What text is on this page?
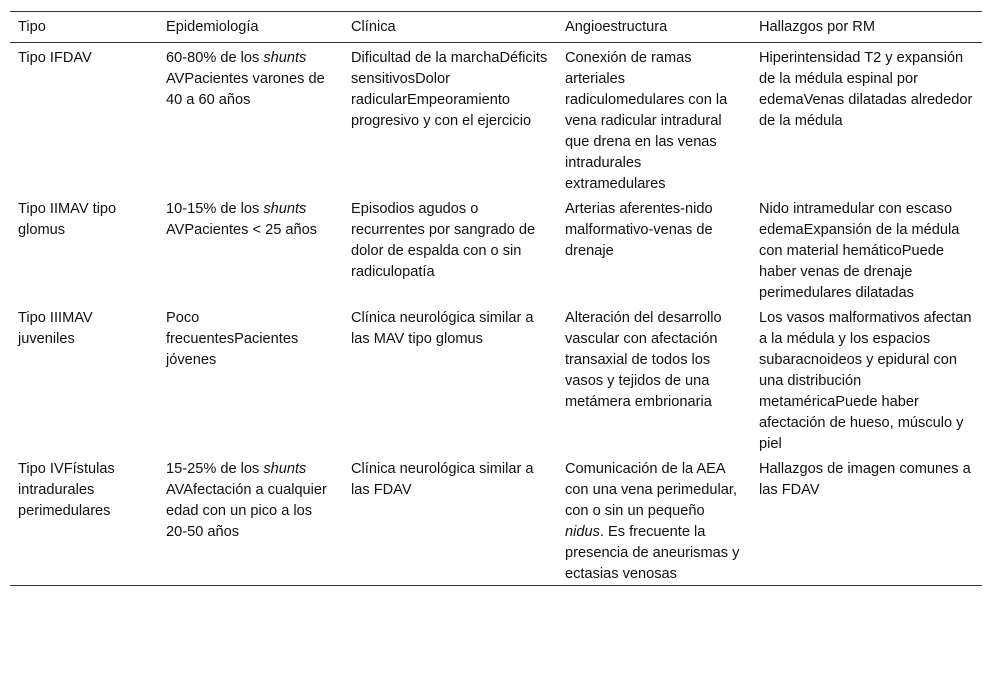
Tipo	Epidemiología	Clínica	Angioestructura	Hallazgos por RM
Tipo IFDAV	60-80% de los shunts AVPacientes varones de 40 a 60 años	Dificultad de la marchaDéficits sensitivosDolor radicularEmpeoramiento progresivo y con el ejercicio	Conexión de ramas arteriales radiculomedulares con la vena radicular intradural que drena en las venas intradurales extramedulares	Hiperintensidad T2 y expansión de la médula espinal por edemaVenas dilatadas alrededor de la médula
Tipo IIMAV tipo glomus	10-15% de los shunts AVPacientes < 25 años	Episodios agudos o recurrentes por sangrado de dolor de espalda con o sin radiculopatía	Arterias aferentes-nido malformativo-venas de drenaje	Nido intramedular con escaso edemaExpansión de la médula con material hemáticoPuede haber venas de drenaje perimedulares dilatadas
Tipo IIIMAV juveniles	Poco frecuentesPacientes jóvenes	Clínica neurológica similar a las MAV tipo glomus	Alteración del desarrollo vascular con afectación transaxial de todos los vasos y tejidos de una metámera embrionaria	Los vasos malformativos afectan a la médula y los espacios subaracnoideos y epidural con una distribución metaméricaPuede haber afectación de hueso, músculo y piel
Tipo IVFístulas intradurales perimedulares	15-25% de los shunts AVAfectación a cualquier edad con un pico a los 20-50 años	Clínica neurológica similar a las FDAV	Comunicación de la AEA con una vena perimedular, con o sin un pequeño nidus. Es frecuente la presencia de aneurismas y ectasias venosas	Hallazgos de imagen comunes a las FDAV
